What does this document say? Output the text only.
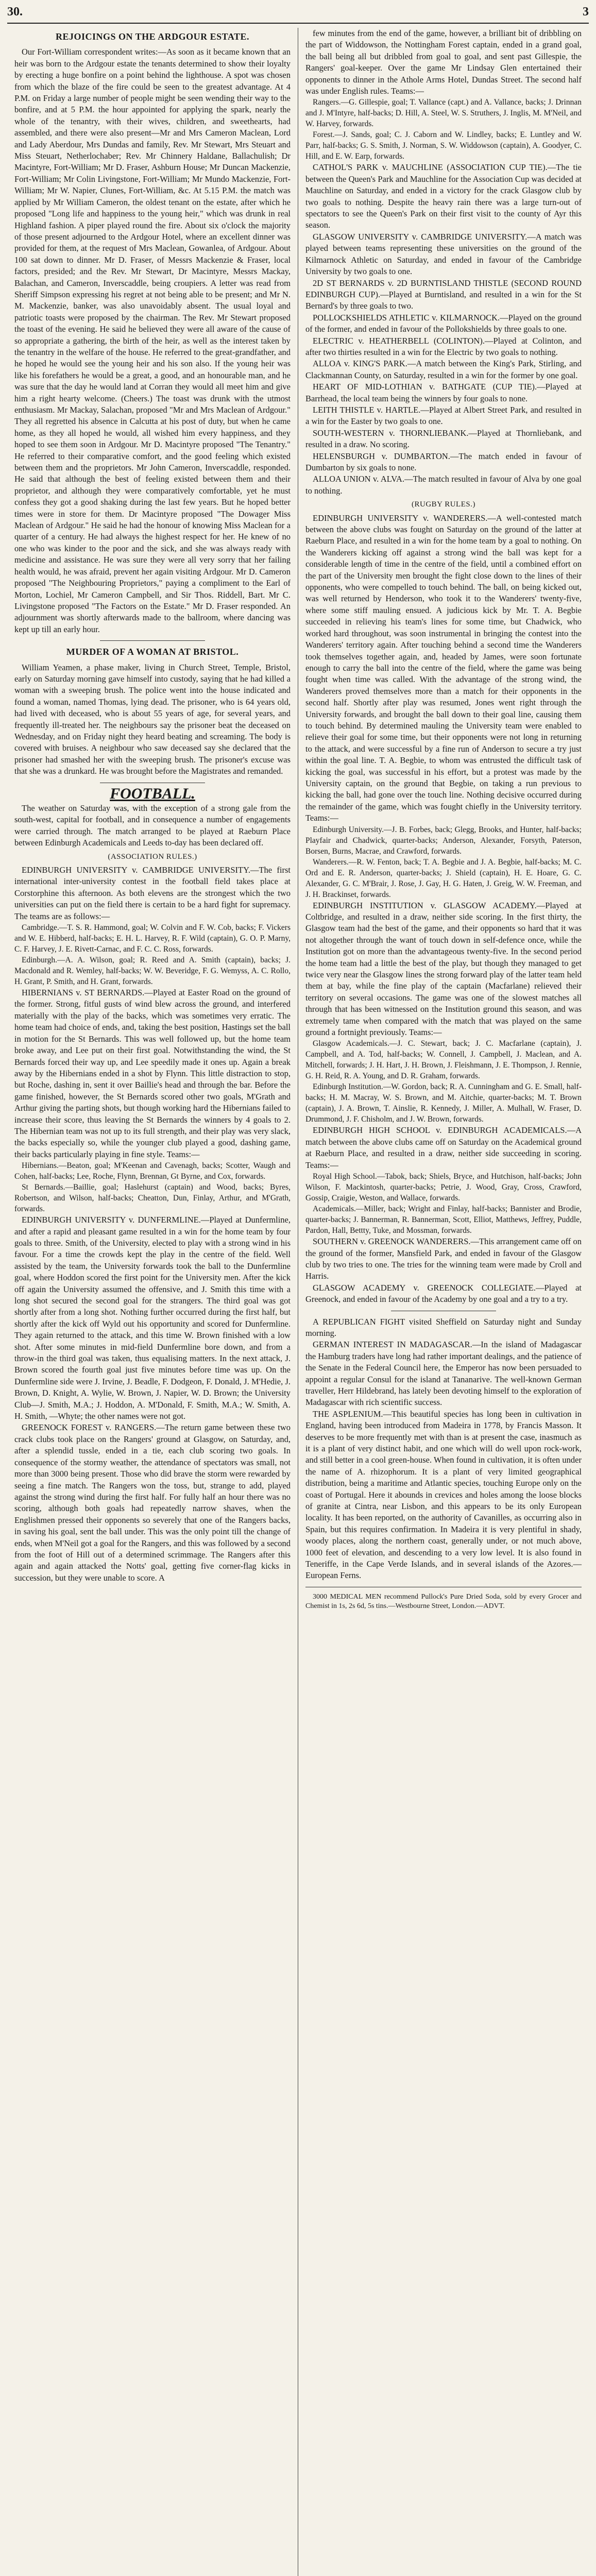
30.	3
REJOICINGS ON THE ARDGOUR ESTATE.

Our Fort-William correspondent writes:—As soon as it became known that an heir was born to the Ardgour estate the tenants determined to show their loyalty by erecting a huge bonfire on a point behind the lighthouse. A spot was chosen from which the blaze of the fire could be seen to the greatest advantage. At 4 P.M. on Friday a large number of people might be seen wending their way to the bonfire, and at 5 P.M. the hour appointed for applying the spark, nearly the whole of the tenantry, with their wives, children, and sweethearts, had assembled, and there were also present—Mr and Mrs Cameron Maclean, Lord and Lady Aberdour, Mrs Dundas and family, Rev. Mr Stewart, Mrs Steuart and Miss Steuart, Netherlochaber; Rev. Mr Chinnery Haldane, Ballachulish; Dr Macintyre, Fort-William; Mr D. Fraser, Ashburn House; Mr Duncan Mackenzie, Fort-William; Mr Colin Livingstone, Fort-William; Mr Mundo Mackenzie, Fort-William; Mr W. Napier, Clunes, Fort-William, &c. At 5.15 P.M. the match was applied by Mr William Cameron, the oldest tenant on the estate, after which he proposed "Long life and happiness to the young heir," which was drunk in real Highland fashion. A piper played round the fire. About six o'clock the majority of those present adjourned to the Ardgour Hotel, where an excellent dinner was provided for them, at the request of Mrs Maclean, Gowanlea, of Ardgour. About 100 sat down to dinner. Mr D. Fraser, of Messrs Mackenzie & Fraser, local factors, presided; and the Rev. Mr Stewart, Dr Macintyre, Messrs Mackay, Balachan, and Cameron, Inverscaddle, being croupiers. A letter was read from Sheriff Simpson expressing his regret at not being able to be present; and Mr N. M. Mackenzie, banker, was also unavoidably absent. The usual loyal and patriotic toasts were proposed by the chairman. The Rev. Mr Stewart proposed the toast of the evening. He said he believed they were all aware of the cause of so appropriate a gathering, the birth of the heir, as well as the interest taken by the tenantry in the welfare of the house. He referred to the great-grandfather, and he hoped he would see the young heir and his son also. If the young heir was like his forefathers he would be a great, a good, and an honourable man, and he was sure that the day he would land at Corran they would all meet him and give him a right hearty welcome. (Cheers.) The toast was drunk with the utmost enthusiasm. Mr Mackay, Salachan, proposed "Mr and Mrs Maclean of Ardgour." They all regretted his absence in Calcutta at his post of duty, but when he came home, as they all hoped he would, all wished him every happiness, and they hoped to see them soon in Ardgour. Mr D. Macintyre proposed "The Tenantry." He referred to their comparative comfort, and the good feeling which existed between them and the proprietors. Mr John Cameron, Inverscaddle, responded. He said that although the best of feeling existed between them and their proprietor, and although they were comparatively comfortable, yet he must confess they got a good shaking during the last few years. But he hoped better times were in store for them. Dr Macintyre proposed "The Dowager Miss Maclean of Ardgour." He said he had the honour of knowing Miss Maclean for a quarter of a century. He had always the highest respect for her. He knew of no one who was kinder to the poor and the sick, and she was always ready with medicine and assistance. He was sure they were all very sorry that her failing health would, he was afraid, prevent her again visiting Ardgour. Mr D. Cameron proposed "The Neighbouring Proprietors," paying a compliment to the Earl of Morton, Lochiel, Mr Cameron Campbell, and Sir Thos. Riddell, Bart. Mr C. Livingstone proposed "The Factors on the Estate." Mr D. Fraser responded. An adjournment was shortly afterwards made to the ballroom, where dancing was kept up till an early hour.

MURDER OF A WOMAN AT BRISTOL.

William Yeamen, a phase maker, living in Church Street, Temple, Bristol, early on Saturday morning gave himself into custody, saying that he had killed a woman with a sweeping brush. The police went into the house indicated and found a woman, named Thomas, lying dead. The prisoner, who is 64 years old, had lived with deceased, who is about 55 years of age, for several years, and frequently ill-treated her. The neighbours say the prisoner beat the deceased on Wednesday, and on Friday night they heard beating and screaming. The body is covered with bruises. A neighbour who saw deceased say she declared that the prisoner had smashed her with the sweeping brush. The prisoner's excuse was that she was a drunkard. He was brought before the Magistrates and remanded.

FOOTBALL.

The weather on Saturday was, with the exception of a strong gale from the south-west, capital for football, and in consequence a number of engagements were carried through. The match arranged to be played at Raeburn Place between Edinburgh Academicals and Leeds to-day has been declared off.

(ASSOCIATION RULES.)

EDINBURGH UNIVERSITY v. CAMBRIDGE UNIVERSITY.—The first international inter-university contest in the football field takes place at Corstorphine this afternoon. As both elevens are the strongest which the two universities can put on the field there is certain to be a hard fight for supremacy. The teams are as follows:—

Cambridge.—T. S. R. Hammond, goal; W. Colvin and F. W. Cob, backs; F. Vickers and W. E. Hibberd, half-backs; E. H. L. Harvey, R. F. Wild (captain), G. O. P. Marny, C. F. Harvey, J. E. Rivett-Carnac, and F. C. C. Ross, forwards.

Edinburgh.—A. A. Wilson, goal; R. Reed and A. Smith (captain), backs; J. Macdonald and R. Wemley, half-backs; W. W. Beveridge, F. G. Wemyss, A. C. Rollo, H. Grant, P. Smith, and H. Grant, forwards.

HIBERNIANS v. ST BERNARDS.—Played at Easter Road on the ground of the former. Strong, fitful gusts of wind blew across the ground, and interfered materially with the play of the backs, which was sometimes very erratic. The home team had choice of ends, and, taking the best position, Hastings set the ball in motion for the St Bernards. This was well followed up, but the home team broke away, and Lee put on their first goal. Notwithstanding the wind, the St Bernards forced their way up, and Lee speedily made it ones up. Again a break away by the Hibernians ended in a shot by Flynn. This little distraction to stop, but Roche, dashing in, sent it over Baillie's head and through the bar. Before the game finished, however, the St Bernards scored other two goals, M'Grath and Arthur giving the parting shots, but though working hard the Hibernians failed to increase their score, thus leaving the St Bernards the winners by 4 goals to 2. The Hibernian team was not up to its full strength, and their play was very slack, the backs especially so, while the younger club played a good, dashing game, their backs particularly playing in fine style. Teams:—

Hibernians.—Beaton, goal; M'Keenan and Cavenagh, backs; Scotter, Waugh and Cohen, half-backs; Lee, Roche, Flynn, Brennan, Gt Byrne, and Cox, forwards.

St Bernards.—Baillie, goal; Haslehurst (captain) and Wood, backs; Byres, Robertson, and Wilson, half-backs; Cheatton, Dun, Finlay, Arthur, and M'Grath, forwards.

EDINBURGH UNIVERSITY v. DUNFERMLINE.—Played at Dunfermline, and after a rapid and pleasant game resulted in a win for the home team by four goals to three. Smith, of the University, elected to play with a strong wind in his favour. For a time the crowds kept the play in the centre of the field. Well assisted by the team, the University forwards took the ball to the Dunfermline goal, where Hoddon scored the first point for the University men. After the kick off again the University assumed the offensive, and J. Smith this time with a long shot secured the second goal for the strangers. The third goal was got shortly after from a long shot. Nothing further occurred during the first half, but shortly after the kick off Wyld out his opportunity and scored for Dunfermline. They again returned to the attack, and this time W. Brown finished with a low shot. After some minutes in mid-field Dunfermline bore down, and from a throw-in the third goal was taken, thus equalising matters. In the next attack, J. Brown scored the fourth goal just five minutes before time was up. On the Dunfermline side were J. Irvine, J. Beadle, F. Dodgeon, F. Donald, J. M'Hedie, J. Brown, D. Knight, A. Wylie, W. Brown, J. Napier, W. D. Brown; the University Club—J. Smith, M.A.; J. Hoddon, A. M'Donald, F. Smith, M.A.; W. Smith, A. H. Smith, —Whyte; the other names were not got.

GREENOCK FOREST v. RANGERS.—The return game between these two crack clubs took place on the Rangers' ground at Glasgow, on Saturday, and, after a splendid tussle, ended in a tie, each club scoring two goals. In consequence of the stormy weather, the attendance of spectators was small, not more than 3000 being present. Those who did brave the storm were rewarded by seeing a fine match. The Rangers won the toss, but, strange to add, played against the strong wind during the first half. For fully half an hour there was no scoring, although both goals had repeatedly narrow shaves, when the Englishmen pressed their opponents so severely that one of the Rangers backs, in saving his goal, sent the ball under. This was the only point till the change of ends, when M'Neil got a goal for the Rangers, and this was followed by a second from the foot of Hill out of a determined scrimmage. The Rangers after this again and again attacked the Notts' goal, getting five corner-flag kicks in succession, but they were unable to score. A

few minutes from the end of the game, however, a brilliant bit of dribbling on the part of Widdowson, the Nottingham Forest captain, ended in a grand goal, the ball being all but dribbled from goal to goal, and sent past Gillespie, the Rangers' goal-keeper. Over the game Mr Lindsay Glen entertained their opponents to dinner in the Athole Arms Hotel, Dundas Street. The second half was under English rules. Teams:—

Rangers.—G. Gillespie, goal; T. Vallance (capt.) and A. Vallance, backs; J. Drinnan and J. M'Intyre, half-backs; D. Hill, A. Steel, W. S. Struthers, J. Inglis, M. M'Neil, and W. Harvey, forwards.

Forest.—J. Sands, goal; C. J. Caborn and W. Lindley, backs; E. Luntley and W. Parr, half-backs; G. S. Smith, J. Norman, S. W. Widdowson (captain), A. Goodyer, C. Hill, and E. W. Earp, forwards.

CATHOL'S PARK v. MAUCHLINE (ASSOCIATION CUP TIE).—The tie between the Queen's Park and Mauchline for the Association Cup was decided at Mauchline on Saturday, and ended in a victory for the crack Glasgow club by two goals to nothing. Despite the heavy rain there was a large turn-out of spectators to see the Queen's Park on their first visit to the county of Ayr this season.

GLASGOW UNIVERSITY v. CAMBRIDGE UNIVERSITY.—A match was played between teams representing these universities on the ground of the Kilmarnock Athletic on Saturday, and ended in favour of the Cambridge University by two goals to one.

2D ST BERNARDS v. 2D BURNTISLAND THISTLE (SECOND ROUND EDINBURGH CUP).—Played at Burntisland, and resulted in a win for the St Bernard's by three goals to two.

POLLOCKSHIELDS ATHLETIC v. KILMARNOCK.—Played on the ground of the former, and ended in favour of the Pollokshields by three goals to one.

ELECTRIC v. HEATHERBELL (COLINTON).—Played at Colinton, and after two thirties resulted in a win for the Electric by two goals to nothing.

ALLOA v. KING'S PARK.—A match between the King's Park, Stirling, and Clackmannan County, on Saturday, resulted in a win for the former by one goal.

HEART OF MID-LOTHIAN v. BATHGATE (CUP TIE).—Played at Barrhead, the local team being the winners by four goals to none.

LEITH THISTLE v. HARTLE.—Played at Albert Street Park, and resulted in a win for the Easter by two goals to one.

SOUTH-WESTERN v. THORNLIEBANK.—Played at Thornliebank, and resulted in a draw. No scoring.

HELENSBURGH v. DUMBARTON.—The match ended in favour of Dumbarton by six goals to none.

ALLOA UNION v. ALVA.—The match resulted in favour of Alva by one goal to nothing.

(RUGBY RULES.)

EDINBURGH UNIVERSITY v. WANDERERS.—A well-contested match between the above clubs was fought on Saturday on the ground of the latter at Raeburn Place, and resulted in a win for the home team by a goal to nothing. On the Wanderers kicking off against a strong wind the ball was kept for a considerable length of time in the centre of the field, until a combined effort on the part of the University men brought the fight close down to the lines of their opponents, who were compelled to touch behind. The ball, on being kicked out, was well returned by Henderson, who took it to the Wanderers' twenty-five, where some stiff mauling ensued. A judicious kick by Mr. T. A. Begbie succeeded in relieving his team's lines for some time, but Chadwick, who worked hard throughout, was soon instrumental in bringing the contest into the Wanderers' territory again. After touching behind a second time the Wanderers took themselves together again, and, headed by James, were soon fortunate enough to carry the ball into the centre of the field, where the game was being fought when time was called. With the advantage of the strong wind, the Wanderers proved themselves more than a match for their opponents in the second half. Shortly after play was resumed, Jones went right through the University forwards, and brought the ball down to their goal line, causing them to touch behind. By determined mauling the University team were enabled to relieve their goal for some time, but their opponents were not long in returning to the attack, and were successful by a fine run of Anderson to secure a try just within the goal line. T. A. Begbie, to whom was entrusted the difficult task of kicking the goal, was successful in his effort, but a protest was made by the University captain, on the ground that Begbie, on taking a run previous to kicking the ball, had gone over the touch line. Nothing decisive occurred during the remainder of the game, which was fought chiefly in the University territory. Teams:—

Edinburgh University.—J. B. Forbes, back; Glegg, Brooks, and Hunter, half-backs; Playfair and Chadwick, quarter-backs; Anderson, Alexander, Forsyth, Paterson, Borsen, Burns, Macrae, and Crawford, forwards.

Wanderers.—R. W. Fenton, back; T. A. Begbie and J. A. Begbie, half-backs; M. C. Ord and E. R. Anderson, quarter-backs; J. Shield (captain), H. E. Hoare, G. C. Alexander, G. C. M'Brair, J. Rose, J. Gay, H. G. Haten, J. Greig, W. W. Freeman, and J. H. Brackinset, forwards.

EDINBURGH INSTITUTION v. GLASGOW ACADEMY.—Played at Coltbridge, and resulted in a draw, neither side scoring. In the first thirty, the Glasgow team had the best of the game, and their opponents so hard that it was not altogether through the want of touch down in self-defence once, while the Institution got on more than the advantageous twenty-five. In the second period the home team had a little the best of the play, but though they managed to get twice very near the Glasgow lines the strong forward play of the latter team held them at bay, while the fine play of the captain (Macfarlane) relieved their territory on several occasions. The game was one of the slowest matches all through that has been witnessed on the Institution ground this season, and was extremely tame when compared with the match that was played on the same ground a fortnight previously. Teams:—

Glasgow Academicals.—J. C. Stewart, back; J. C. Macfarlane (captain), J. Campbell, and A. Tod, half-backs; W. Connell, J. Campbell, J. Maclean, and A. Mitchell, forwards; J. H. Hart, J. H. Brown, J. Fleishmann, J. E. Thompson, J. Rennie, G. H. Reid, R. A. Young, and D. R. Graham, forwards.

Edinburgh Institution.—W. Gordon, back; R. A. Cunningham and G. E. Small, half-backs; H. M. Macray, W. S. Brown, and M. Aitchie, quarter-backs; M. T. Brown (captain), J. A. Brown, T. Ainslie, R. Kennedy, J. Miller, A. Mulhall, W. Fraser, D. Drummond, J. F. Chisholm, and J. W. Brown, forwards.

EDINBURGH HIGH SCHOOL v. EDINBURGH ACADEMICALS.—A match between the above clubs came off on Saturday on the Academical ground at Raeburn Place, and resulted in a draw, neither side succeeding in scoring. Teams:—

Royal High School.—Tabok, back; Shiels, Bryce, and Hutchison, half-backs; John Wilson, F. Mackintosh, quarter-backs; Petrie, J. Wood, Gray, Cross, Crawford, Gossip, Craigie, Weston, and Wallace, forwards.

Academicals.—Miller, back; Wright and Finlay, half-backs; Bannister and Brodie, quarter-backs; J. Bannerman, R. Bannerman, Scott, Elliot, Matthews, Jeffrey, Puddle, Pardon, Hall, Bettty, Tuke, and Mossman, forwards.

SOUTHERN v. GREENOCK WANDERERS.—This arrangement came off on the ground of the former, Mansfield Park, and ended in favour of the Glasgow club by two tries to one. The tries for the winning team were made by Croll and Harris.

GLASGOW ACADEMY v. GREENOCK COLLEGIATE.—Played at Greenock, and ended in favour of the Academy by one goal and a try to a try.

A REPUBLICAN FIGHT visited Sheffield on Saturday night and Sunday morning.

GERMAN INTEREST IN MADAGASCAR.—In the island of Madagascar the Hamburg traders have long had rather important dealings, and the patience of the Senate in the Federal Council here, the Emperor has now been persuaded to appoint a regular Consul for the island at Tananarive. The well-known German traveller, Herr Hildebrand, has lately been devoting himself to the exploration of Madagascar with rich scientific success.

THE ASPLENIUM.—This beautiful species has long been in cultivation in England, having been introduced from Madeira in 1778, by Francis Masson. It deserves to be more frequently met with than is at present the case, inasmuch as it is a plant of very distinct habit, and one which will do well upon rock-work, and still better in a cool green-house. When found in cultivation, it is often under the name of A. rhizophorum. It is a plant of very limited geographical distribution, being a maritime and Atlantic species, touching Europe only on the coast of Portugal. Here it abounds in crevices and holes among the loose blocks of granite at Cintra, near Lisbon, and this appears to be its only European locality. It has been reported, on the authority of Cavanilles, as occurring also in Spain, but this requires confirmation. In Madeira it is very plentiful in shady, woody places, along the northern coast, generally under, or not much above, 1000 feet of elevation, and descending to a very low level. It is also found in Teneriffe, in the Cape Verde Islands, and in several islands of the Azores.—European Ferns.

3000 MEDICAL MEN recommend Pullock's Pure Dried Soda, sold by every Grocer and Chemist in 1s, 2s 6d, 5s tins.—Westbourne Street, London.—ADVT.
